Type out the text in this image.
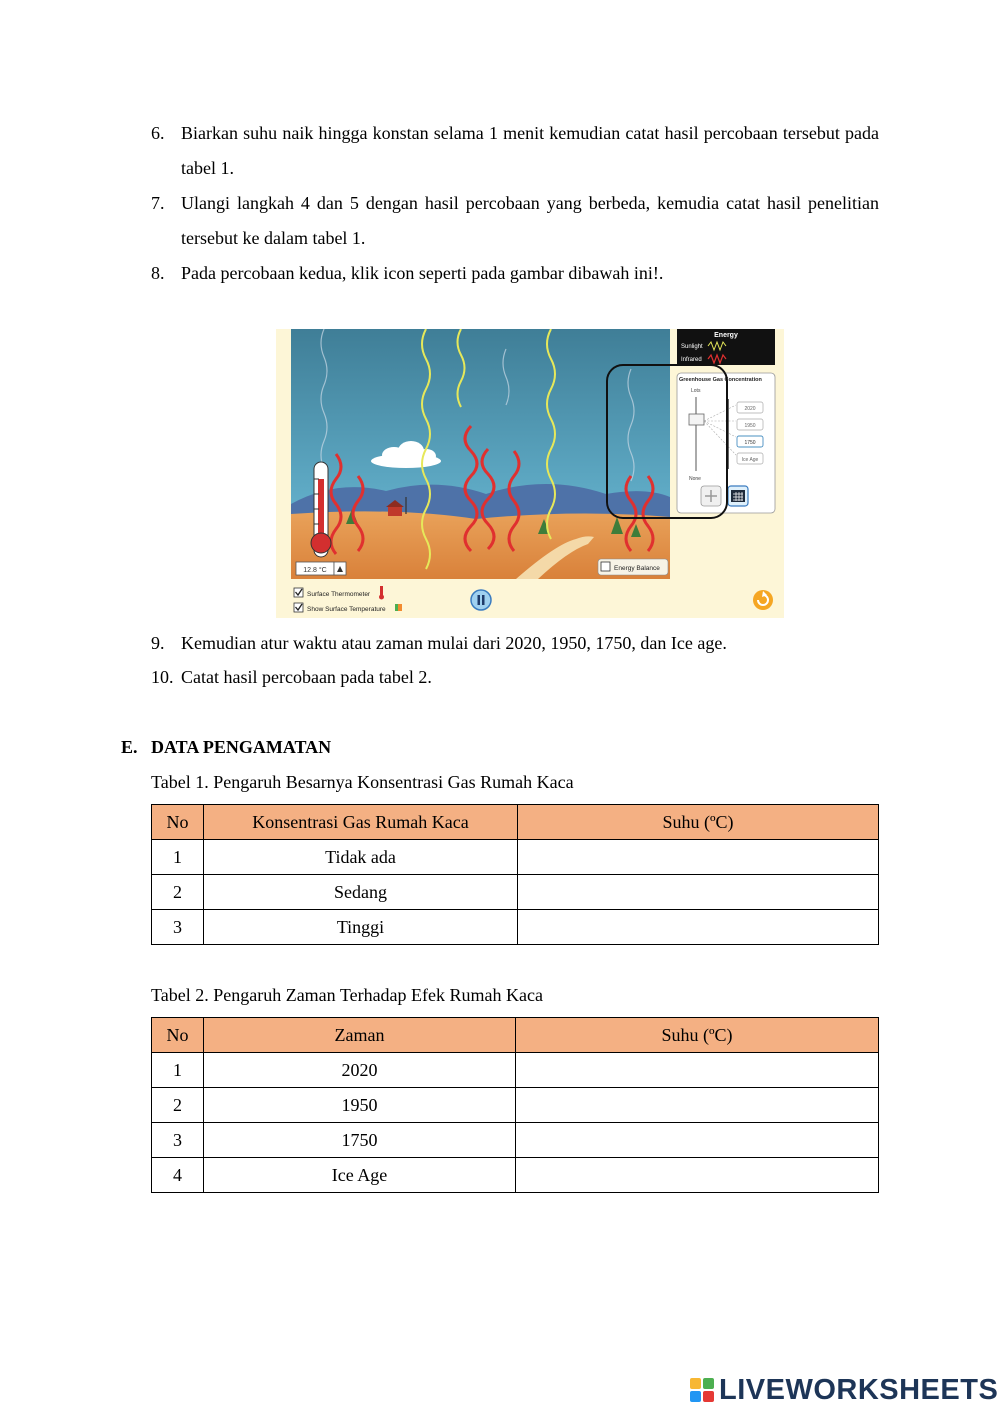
6. Biarkan suhu naik hingga konstan selama 1 menit kemudian catat hasil percobaan tersebut pada tabel 1.
7. Ulangi langkah 4 dan 5 dengan hasil percobaan yang berbeda, kemudia catat hasil penelitian tersebut ke dalam tabel 1.
8. Pada percobaan kedua, klik icon seperti pada gambar dibawah ini!.
12.8 °C	Energy Balance
Surface Thermometer
Show Surface Temperature
Energy
Sunlight
Infrared
Greenhouse Gas Concentration
Lots
None
2020
1950
1750
Ice Age
9. Kemudian atur waktu atau zaman mulai dari 2020, 1950, 1750, dan Ice age.
10. Catat hasil percobaan pada tabel 2.
E. DATA PENGAMATAN
Tabel 1. Pengaruh Besarnya Konsentrasi Gas Rumah Kaca
No	Konsentrasi Gas Rumah Kaca	Suhu (ºC)
1	Tidak ada	
2	Sedang	
3	Tinggi	
Tabel 2. Pengaruh Zaman Terhadap Efek Rumah Kaca
No	Zaman	Suhu (ºC)
1	2020	
2	1950	
3	1750	
4	Ice Age	
LIVEWORKSHEETS
